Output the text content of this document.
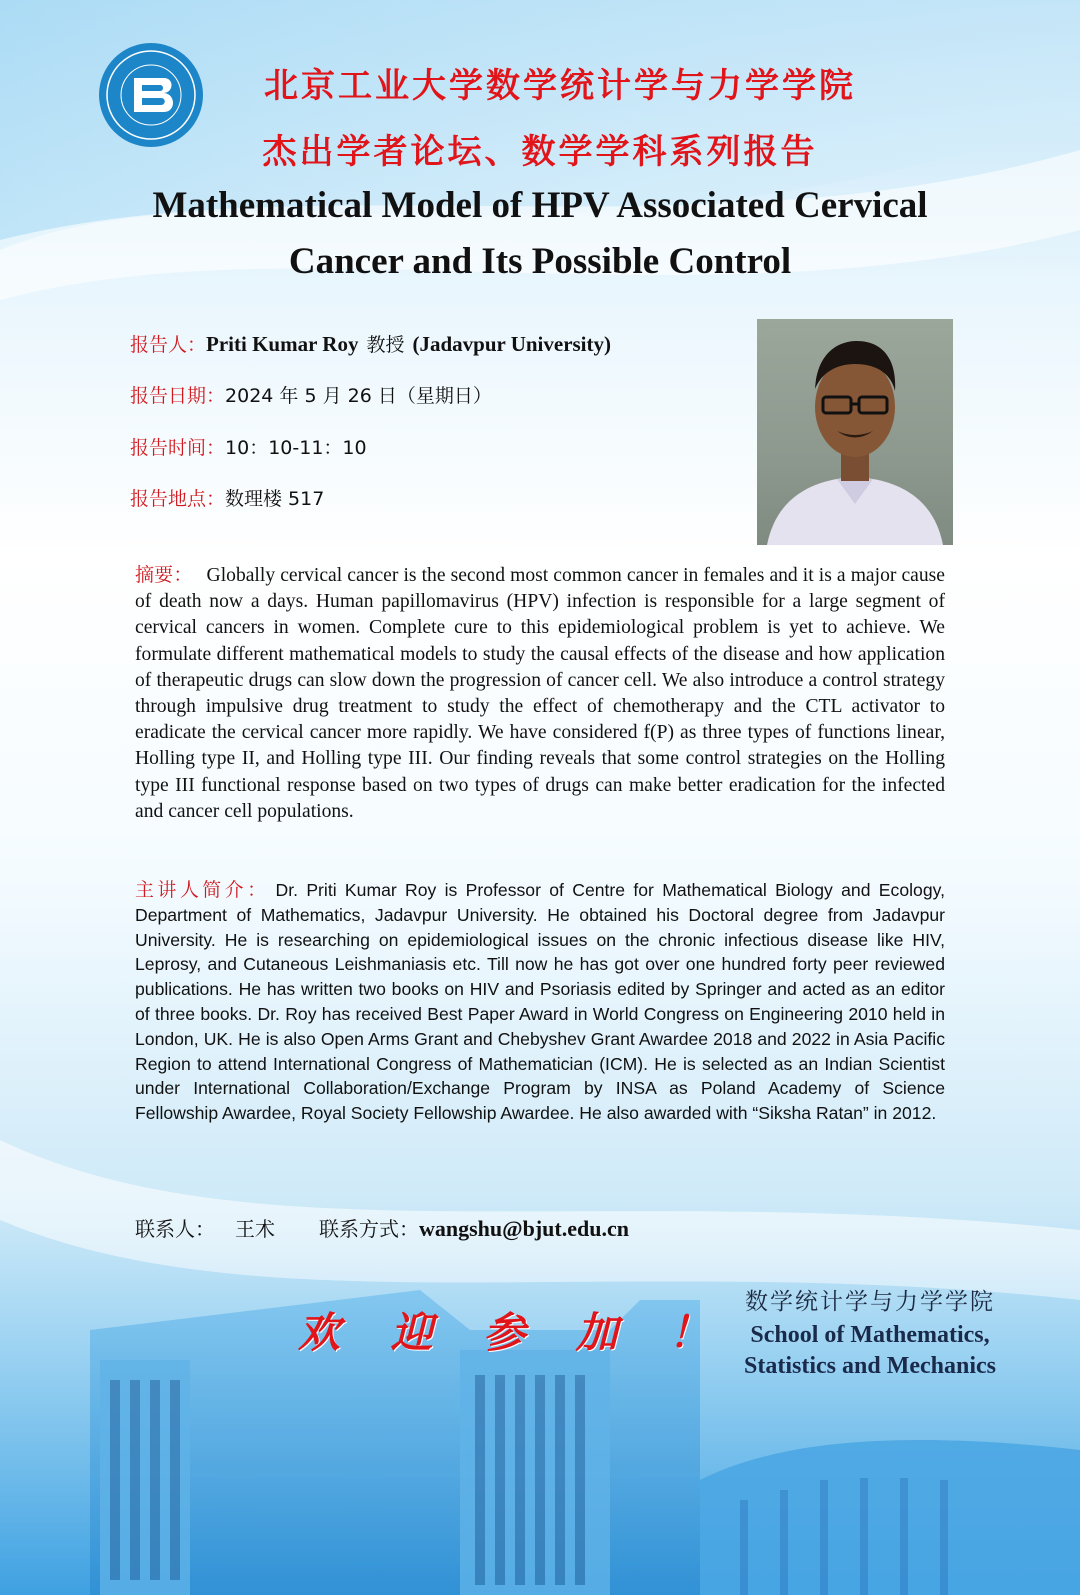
北京工业大学数学统计学与力学学院
杰出学者论坛、数学学科系列报告
Mathematical Model of HPV Associated Cervical
Cancer and Its Possible Control
报告人：Priti Kumar Roy 教授 (Jadavpur University)
报告日期：2024 年 5 月 26 日（星期日）
报告时间：10：10-11：10
报告地点：数理楼 517
摘要： Globally cervical cancer is the second most common cancer in females and it is a major cause of death now a days. Human papillomavirus (HPV) infection is responsible for a large segment of cervical cancers in women. Complete cure to this epidemiological problem is yet to achieve. We formulate different mathematical models to study the causal effects of the disease and how application of therapeutic drugs can slow down the progression of cancer cell. We also introduce a control strategy through impulsive drug treatment to study the effect of chemotherapy and the CTL activator to eradicate the cervical cancer more rapidly. We have considered f(P) as three types of functions linear, Holling type II, and Holling type III. Our finding reveals that some control strategies on the Holling type III functional response based on two types of drugs can make better eradication for the infected and cancer cell populations.
主讲人简介： Dr. Priti Kumar Roy is Professor of Centre for Mathematical Biology and Ecology, Department of Mathematics, Jadavpur University. He obtained his Doctoral degree from Jadavpur University. He is researching on epidemiological issues on the chronic infectious disease like HIV, Leprosy, and Cutaneous Leishmaniasis etc. Till now he has got over one hundred forty peer reviewed publications. He has written two books on HIV and Psoriasis edited by Springer and acted as an editor of three books. Dr. Roy has received Best Paper Award in World Congress on Engineering 2010 held in London, UK. He is also Open Arms Grant and Chebyshev Grant Awardee 2018 and 2022 in Asia Pacific Region to attend International Congress of Mathematician (ICM). He is selected as an Indian Scientist under International Collaboration/Exchange Program by INSA as Poland Academy of Science Fellowship Awardee, Royal Society Fellowship Awardee. He also awarded with “Siksha Ratan” in 2012.
联系人： 王术 联系方式：wangshu@bjut.edu.cn
欢 迎 参 加 ！
数学统计学与力学学院
School of Mathematics,
Statistics and Mechanics
